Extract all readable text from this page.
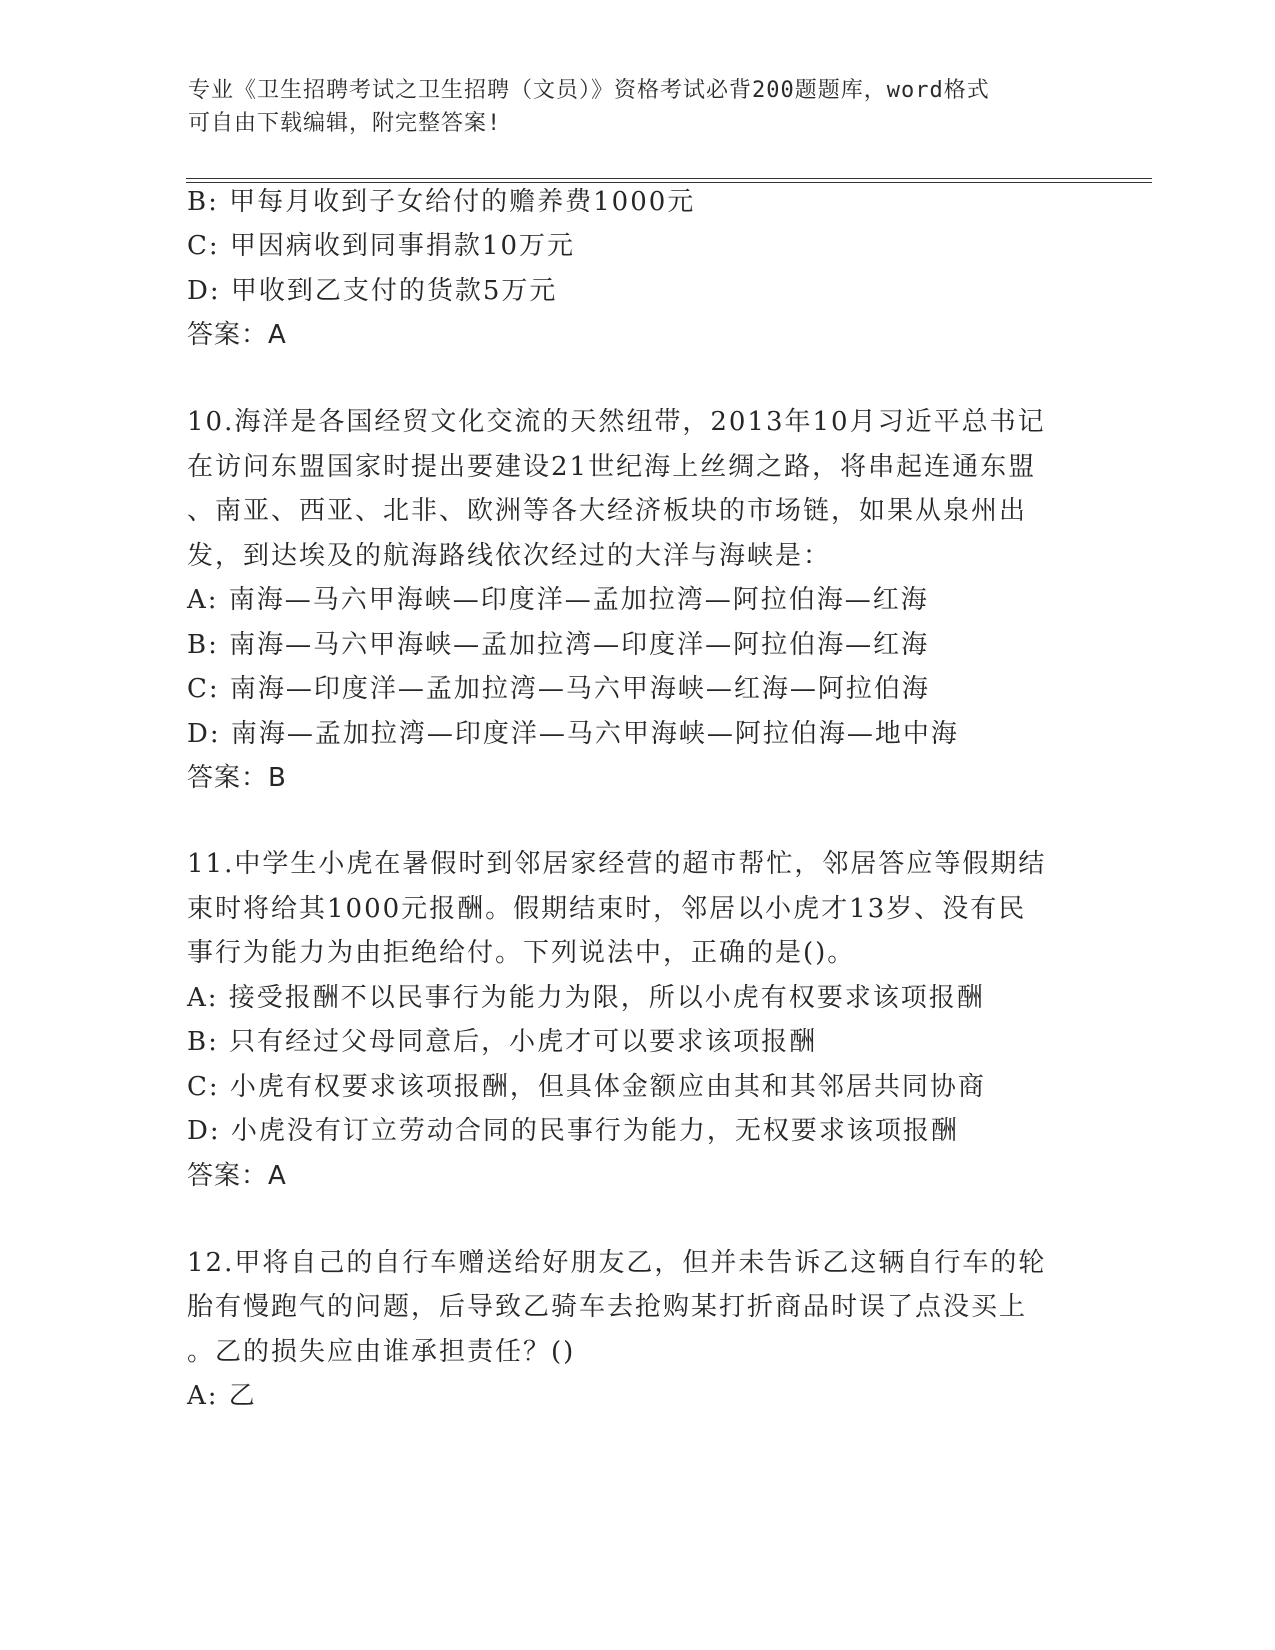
专业《卫生招聘考试之卫生招聘（文员）》资格考试必背200题题库，word格式
可自由下载编辑，附完整答案!
B: 甲每月收到子女给付的赡养费1000元
C: 甲因病收到同事捐款10万元
D: 甲收到乙支付的货款5万元
答案：A
10.海洋是各国经贸文化交流的天然纽带，2013年10月习近平总书记
在访问东盟国家时提出要建设21世纪海上丝绸之路，将串起连通东盟
、南亚、西亚、北非、欧洲等各大经济板块的市场链，如果从泉州出
发，到达埃及的航海路线依次经过的大洋与海峡是：
A: 南海—马六甲海峡—印度洋—孟加拉湾—阿拉伯海—红海
B: 南海—马六甲海峡—孟加拉湾—印度洋—阿拉伯海—红海
C: 南海—印度洋—孟加拉湾—马六甲海峡—红海—阿拉伯海
D: 南海—孟加拉湾—印度洋—马六甲海峡—阿拉伯海—地中海
答案：B
11.中学生小虎在暑假时到邻居家经营的超市帮忙，邻居答应等假期结
束时将给其1000元报酬。假期结束时，邻居以小虎才13岁、没有民
事行为能力为由拒绝给付。下列说法中，正确的是()。
A: 接受报酬不以民事行为能力为限，所以小虎有权要求该项报酬
B: 只有经过父母同意后，小虎才可以要求该项报酬
C: 小虎有权要求该项报酬，但具体金额应由其和其邻居共同协商
D: 小虎没有订立劳动合同的民事行为能力，无权要求该项报酬
答案：A
12.甲将自己的自行车赠送给好朋友乙，但并未告诉乙这辆自行车的轮
胎有慢跑气的问题，后导致乙骑车去抢购某打折商品时误了点没买上
。乙的损失应由谁承担责任？()
A: 乙
